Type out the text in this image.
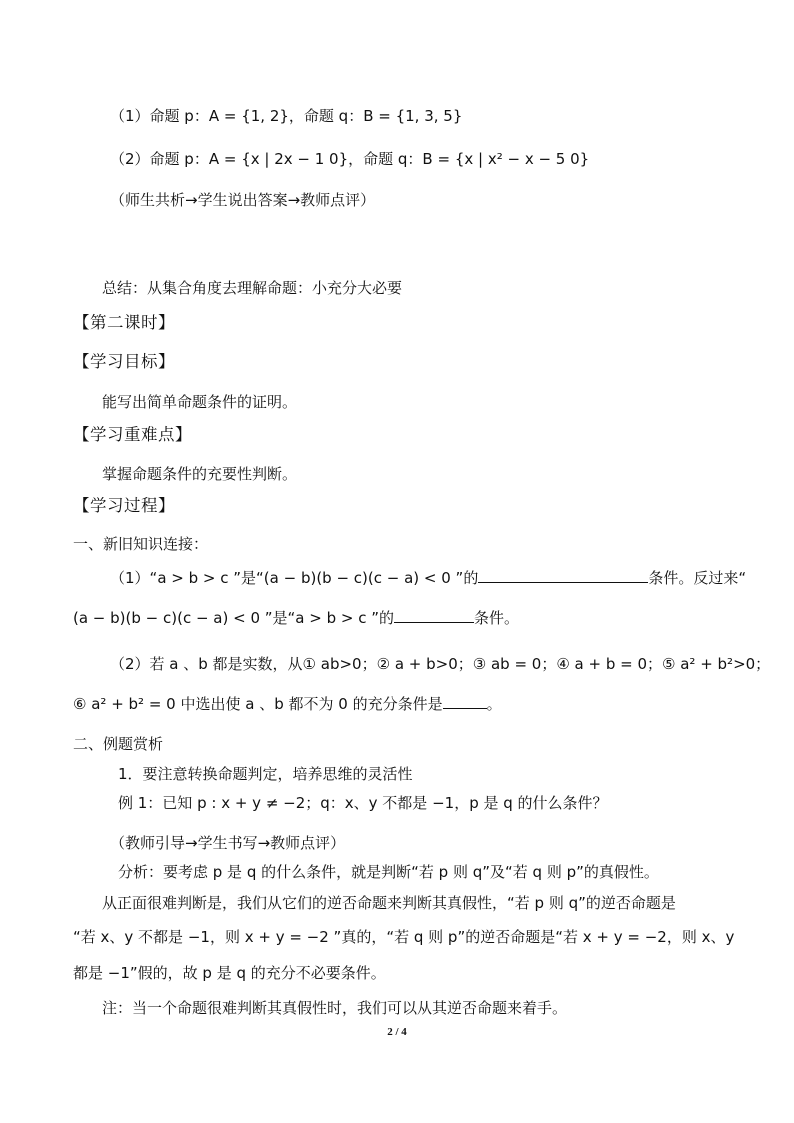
（1）命题 p：A = {1, 2}，命题 q：B = {1, 3, 5}
（2）命题 p：A = {x | 2x − 1 0}，命题 q：B = {x | x² − x − 5 0}
（师生共析→学生说出答案→教师点评）
总结：从集合角度去理解命题：小充分大必要
【第二课时】
【学习目标】
能写出简单命题条件的证明。
【学习重难点】
掌握命题条件的充要性判断。
【学习过程】
一、新旧知识连接：
（1）“a > b > c ”是“(a − b)(b − c)(c − a) < 0 ”的	条件。反过来“
(a − b)(b − c)(c − a) < 0 ”是“a > b > c ”的	条件。
（2）若 a 、b 都是实数，从① ab>0；② a + b>0；③ ab = 0；④ a + b = 0；⑤ a² + b²>0；
⑥ a² + b² = 0 中选出使 a 、b 都不为 0 的充分条件是	。
二、例题赏析
1．要注意转换命题判定，培养思维的灵活性
例 1：已知 p : x + y ≠ −2；q：x、y 不都是 −1，p 是 q 的什么条件？
（教师引导→学生书写→教师点评）
分析：要考虑 p 是 q 的什么条件，就是判断“若 p 则 q”及“若 q 则 p”的真假性。
从正面很难判断是，我们从它们的逆否命题来判断其真假性，“若 p 则 q”的逆否命题是
“若 x、y 不都是 −1，则 x + y = −2 ”真的，“若 q 则 p”的逆否命题是“若 x + y = −2，则 x、y
都是 −1”假的，故 p 是 q 的充分不必要条件。
注：当一个命题很难判断其真假性时，我们可以从其逆否命题来着手。
2 / 4
